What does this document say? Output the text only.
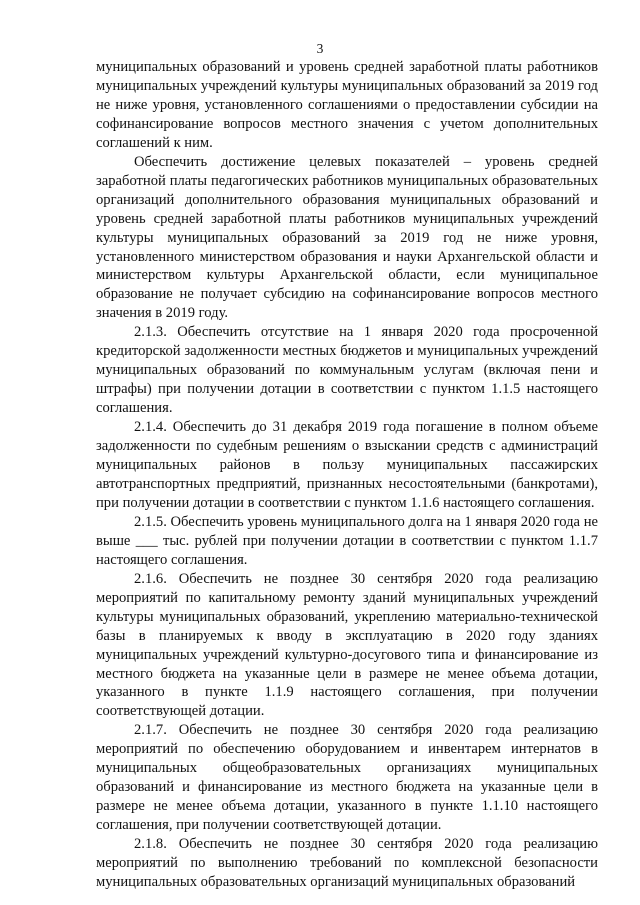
3

муниципальных образований и уровень средней заработной платы работников муниципальных учреждений культуры муниципальных образований за 2019 год не ниже уровня, установленного соглашениями о предоставлении субсидии на софинансирование вопросов местного значения с учетом дополнительных соглашений к ним.

Обеспечить достижение целевых показателей – уровень средней заработной платы педагогических работников муниципальных образовательных организаций дополнительного образования муниципальных образований и уровень средней заработной платы работников муниципальных учреждений культуры муниципальных образований за 2019 год не ниже уровня, установленного министерством образования и науки Архангельской области и министерством культуры Архангельской области, если муниципальное образование не получает субсидию на софинансирование вопросов местного значения в 2019 году.

2.1.3. Обеспечить отсутствие на 1 января 2020 года просроченной кредиторской задолженности местных бюджетов и муниципальных учреждений муниципальных образований по коммунальным услугам (включая пени и штрафы) при получении дотации в соответствии с пунктом 1.1.5 настоящего соглашения.

2.1.4. Обеспечить до 31 декабря 2019 года погашение в полном объеме задолженности по судебным решениям о взыскании средств с администраций муниципальных районов в пользу муниципальных пассажирских автотранспортных предприятий, признанных несостоятельными (банкротами), при получении дотации в соответствии с пунктом 1.1.6 настоящего соглашения.

2.1.5. Обеспечить уровень муниципального долга на 1 января 2020 года не выше ___ тыс. рублей при получении дотации в соответствии с пунктом 1.1.7 настоящего соглашения.

2.1.6. Обеспечить не позднее 30 сентября 2020 года реализацию мероприятий по капитальному ремонту зданий муниципальных учреждений культуры муниципальных образований, укреплению материально-технической базы в планируемых к вводу в эксплуатацию в 2020 году зданиях муниципальных учреждений культурно-досугового типа и финансирование из местного бюджета на указанные цели в размере не менее объема дотации, указанного в пункте 1.1.9 настоящего соглашения, при получении соответствующей дотации.

2.1.7. Обеспечить не позднее 30 сентября 2020 года реализацию мероприятий по обеспечению оборудованием и инвентарем интернатов в муниципальных общеобразовательных организациях муниципальных образований и финансирование из местного бюджета на указанные цели в размере не менее объема дотации, указанного в пункте 1.1.10 настоящего соглашения, при получении соответствующей дотации.

2.1.8. Обеспечить не позднее 30 сентября 2020 года реализацию мероприятий по выполнению требований по комплексной безопасности муниципальных образовательных организаций муниципальных образований
